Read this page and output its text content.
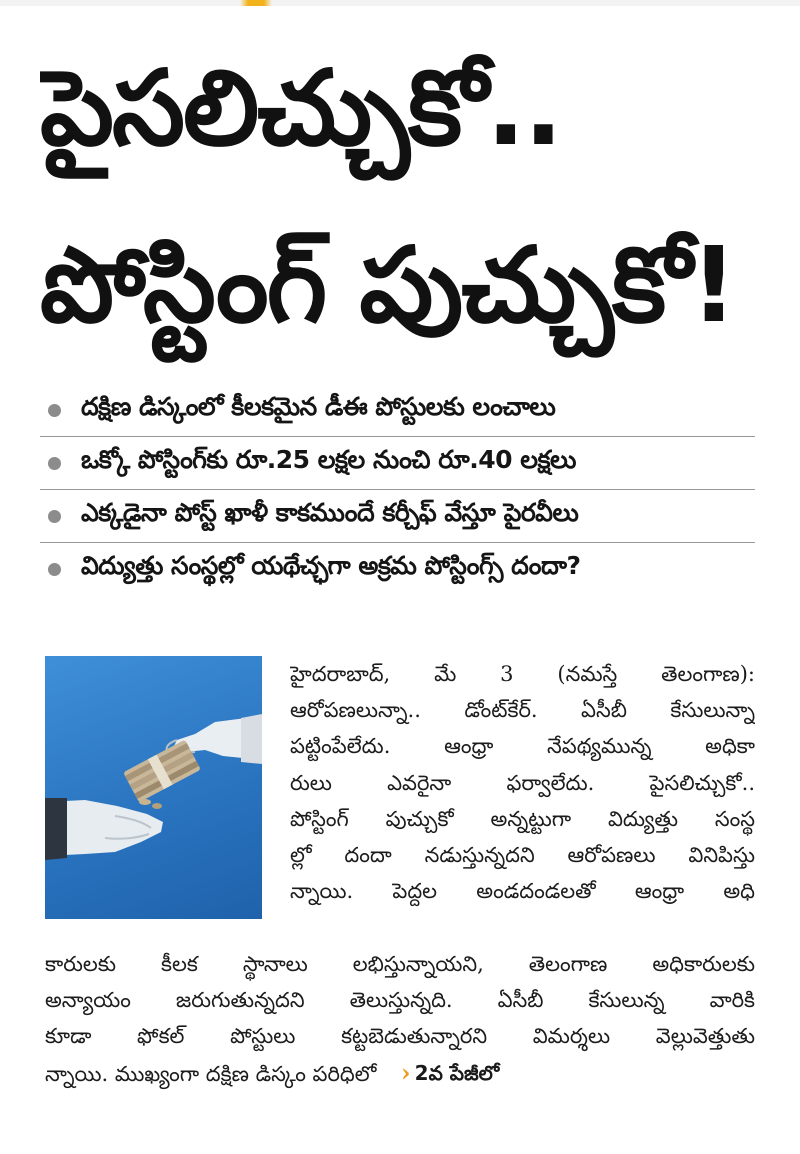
పైసలిచ్చుకో..
పోస్టింగ్ పుచ్చుకో!
దక్షిణ డిస్కంలో కీలకమైన డీఈ పోస్టులకు లంచాలు
ఒక్కో పోస్టింగ్‌కు రూ.25 లక్షల నుంచి రూ.40 లక్షలు
ఎక్కడైనా పోస్ట్ ఖాళీ కాకముందే కర్చీఫ్ వేస్తూ పైరవీలు
విద్యుత్తు సంస్థల్లో యథేచ్ఛగా అక్రమ పోస్టింగ్స్ దందా?
హైదరాబాద్, మే 3 (నమస్తే తెలంగాణ):
ఆరోపణలున్నా.. డోంట్‌కేర్. ఏసీబీ కేసులున్నా
పట్టింపేలేదు. ఆంధ్రా నేపథ్యమున్న అధికా
రులు ఎవరైనా ఫర్వాలేదు. పైసలిచ్చుకో..
పోస్టింగ్ పుచ్చుకో అన్నట్టుగా విద్యుత్తు సంస్థ
ల్లో దందా నడుస్తున్నదని ఆరోపణలు వినిపిస్తు
న్నాయి. పెద్దల అండదండలతో ఆంధ్రా అధి
కారులకు కీలక స్థానాలు లభిస్తున్నాయని, తెలంగాణ అధికారులకు
అన్యాయం జరుగుతున్నదని తెలుస్తున్నది. ఏసీబీ కేసులున్న వారికి
కూడా ఫోకల్ పోస్టులు కట్టబెడుతున్నారని విమర్శలు వెల్లువెత్తుతు
న్నాయి. ముఖ్యంగా దక్షిణ డిస్కం పరిధిలో › 2వ పేజీలో
